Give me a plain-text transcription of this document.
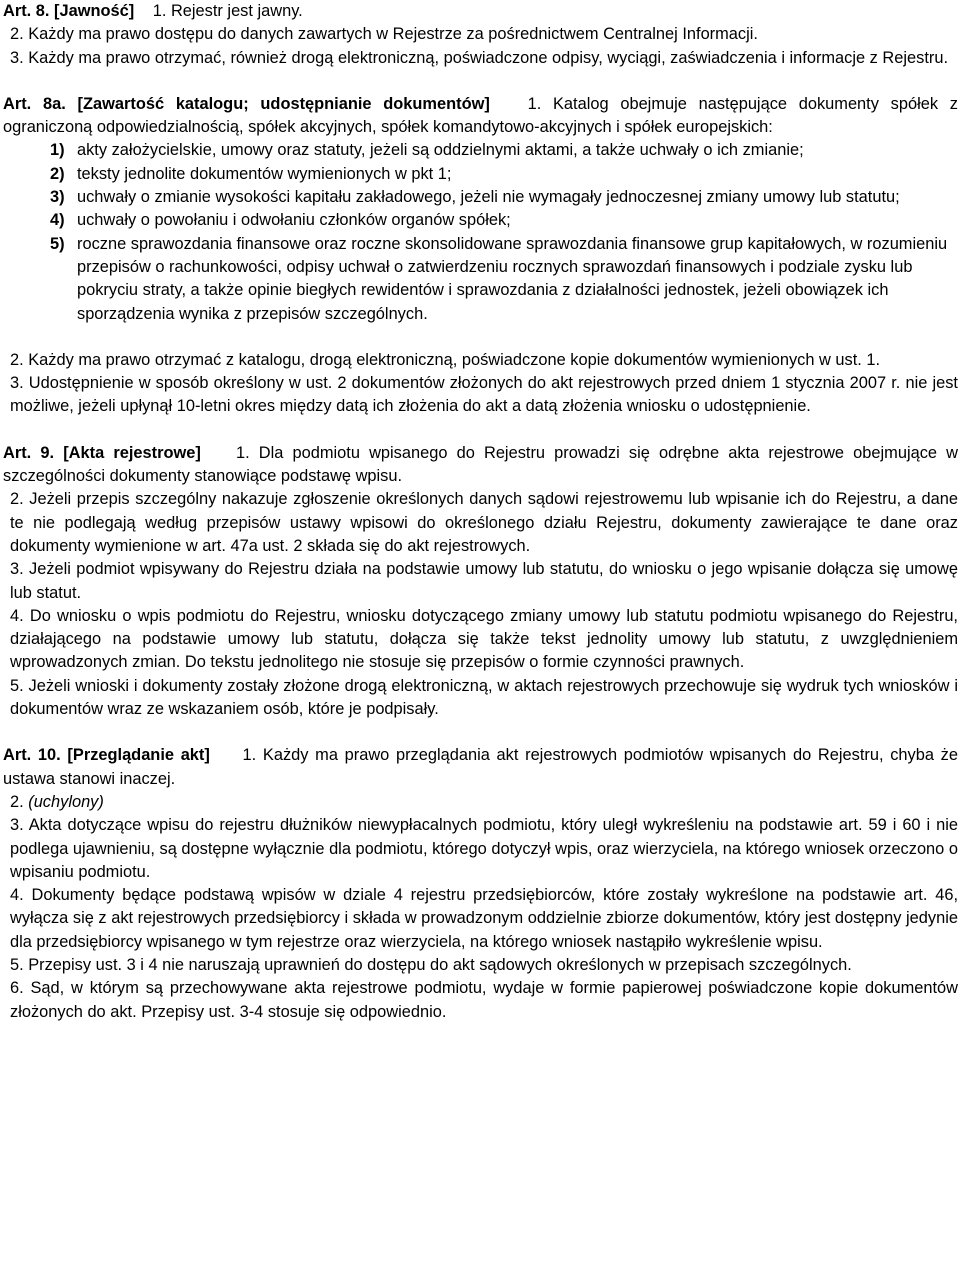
Art. 8. [Jawność] 1. Rejestr jest jawny.

2. Każdy ma prawo dostępu do danych zawartych w Rejestrze za pośrednictwem Centralnej Informacji.

3. Każdy ma prawo otrzymać, również drogą elektroniczną, poświadczone odpisy, wyciągi, zaświadczenia i informacje z Rejestru.

Art. 8a. [Zawartość katalogu; udostępnianie dokumentów] 1. Katalog obejmuje następujące dokumenty spółek z ograniczoną odpowiedzialnością, spółek akcyjnych, spółek komandytowo-akcyjnych i spółek europejskich:

1) akty założycielskie, umowy oraz statuty, jeżeli są oddzielnymi aktami, a także uchwały o ich zmianie;
2) teksty jednolite dokumentów wymienionych w pkt 1;
3) uchwały o zmianie wysokości kapitału zakładowego, jeżeli nie wymagały jednoczesnej zmiany umowy lub statutu;
4) uchwały o powołaniu i odwołaniu członków organów spółek;
5) roczne sprawozdania finansowe oraz roczne skonsolidowane sprawozdania finansowe grup kapitałowych, w rozumieniu przepisów o rachunkowości, odpisy uchwał o zatwierdzeniu rocznych sprawozdań finansowych i podziale zysku lub pokryciu straty, a także opinie biegłych rewidentów i sprawozdania z działalności jednostek, jeżeli obowiązek ich sporządzenia wynika z przepisów szczególnych.

2. Każdy ma prawo otrzymać z katalogu, drogą elektroniczną, poświadczone kopie dokumentów wymienionych w ust. 1.

3. Udostępnienie w sposób określony w ust. 2 dokumentów złożonych do akt rejestrowych przed dniem 1 stycznia 2007 r. nie jest możliwe, jeżeli upłynął 10-letni okres między datą ich złożenia do akt a datą złożenia wniosku o udostępnienie.

Art. 9. [Akta rejestrowe] 1. Dla podmiotu wpisanego do Rejestru prowadzi się odrębne akta rejestrowe obejmujące w szczególności dokumenty stanowiące podstawę wpisu.

2. Jeżeli przepis szczególny nakazuje zgłoszenie określonych danych sądowi rejestrowemu lub wpisanie ich do Rejestru, a dane te nie podlegają według przepisów ustawy wpisowi do określonego działu Rejestru, dokumenty zawierające te dane oraz dokumenty wymienione w art. 47a ust. 2 składa się do akt rejestrowych.

3. Jeżeli podmiot wpisywany do Rejestru działa na podstawie umowy lub statutu, do wniosku o jego wpisanie dołącza się umowę lub statut.

4. Do wniosku o wpis podmiotu do Rejestru, wniosku dotyczącego zmiany umowy lub statutu podmiotu wpisanego do Rejestru, działającego na podstawie umowy lub statutu, dołącza się także tekst jednolity umowy lub statutu, z uwzględnieniem wprowadzonych zmian. Do tekstu jednolitego nie stosuje się przepisów o formie czynności prawnych.

5. Jeżeli wnioski i dokumenty zostały złożone drogą elektroniczną, w aktach rejestrowych przechowuje się wydruk tych wniosków i dokumentów wraz ze wskazaniem osób, które je podpisały.

Art. 10. [Przeglądanie akt] 1. Każdy ma prawo przeglądania akt rejestrowych podmiotów wpisanych do Rejestru, chyba że ustawa stanowi inaczej.

2. (uchylony)

3. Akta dotyczące wpisu do rejestru dłużników niewypłacalnych podmiotu, który uległ wykreśleniu na podstawie art. 59 i 60 i nie podlega ujawnieniu, są dostępne wyłącznie dla podmiotu, którego dotyczył wpis, oraz wierzyciela, na którego wniosek orzeczono o wpisaniu podmiotu.

4. Dokumenty będące podstawą wpisów w dziale 4 rejestru przedsiębiorców, które zostały wykreślone na podstawie art. 46, wyłącza się z akt rejestrowych przedsiębiorcy i składa w prowadzonym oddzielnie zbiorze dokumentów, który jest dostępny jedynie dla przedsiębiorcy wpisanego w tym rejestrze oraz wierzyciela, na którego wniosek nastąpiło wykreślenie wpisu.

5. Przepisy ust. 3 i 4 nie naruszają uprawnień do dostępu do akt sądowych określonych w przepisach szczególnych.

6. Sąd, w którym są przechowywane akta rejestrowe podmiotu, wydaje w formie papierowej poświadczone kopie dokumentów złożonych do akt. Przepisy ust. 3-4 stosuje się odpowiednio.
